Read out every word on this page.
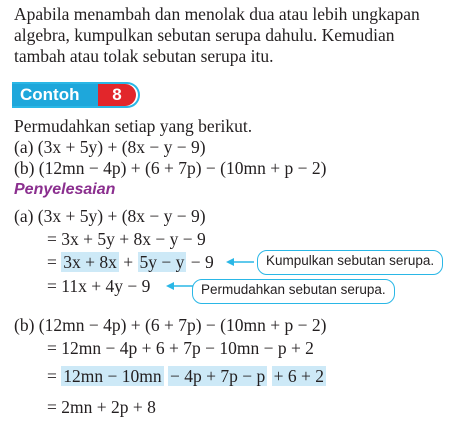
Apabila menambah dan menolak dua atau lebih ungkapan
algebra, kumpulkan sebutan serupa dahulu. Kemudian
tambah atau tolak sebutan serupa itu.
Contoh	8
Permudahkan setiap yang berikut.
(a) (3x + 5y) + (8x − y − 9)
(b) (12mn − 4p) + (6 + 7p) − (10mn + p − 2)
Penyelesaian
(a) (3x + 5y) + (8x − y − 9)
= 3x + 5y + 8x − y − 9
= 3x + 8x + 5y − y − 9	Kumpulkan sebutan serupa.
= 11x + 4y − 9	Permudahkan sebutan serupa.
(b) (12mn − 4p) + (6 + 7p) − (10mn + p − 2)
= 12mn − 4p + 6 + 7p − 10mn − p + 2
= 12mn − 10mn − 4p + 7p − p + 6 + 2
= 2mn + 2p + 8
